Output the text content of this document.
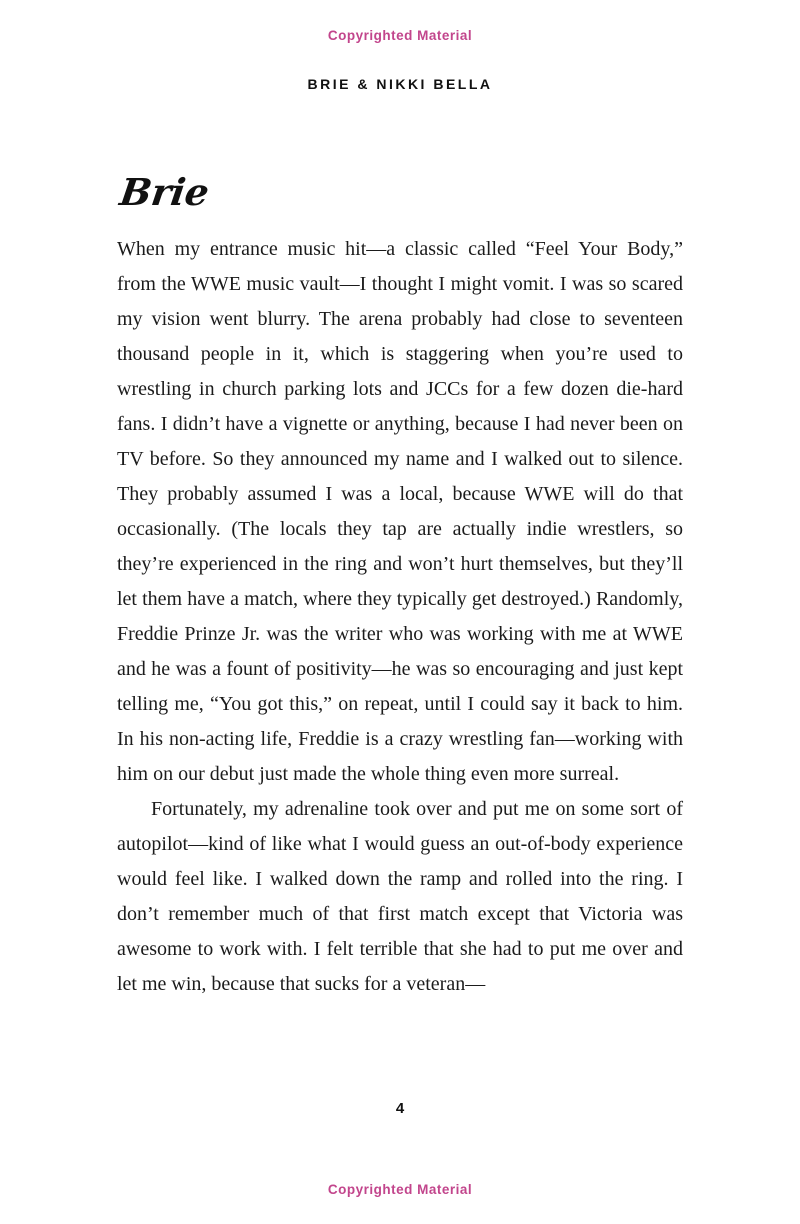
Copyrighted Material
BRIE & NIKKI BELLA
Brie

When my entrance music hit—a classic called “Feel Your Body,” from the WWE music vault—I thought I might vomit. I was so scared my vision went blurry. The arena probably had close to seventeen thousand people in it, which is staggering when you’re used to wrestling in church parking lots and JCCs for a few dozen die-hard fans. I didn’t have a vignette or anything, because I had never been on TV before. So they announced my name and I walked out to silence. They probably assumed I was a local, because WWE will do that occasionally. (The locals they tap are actually indie wrestlers, so they’re experienced in the ring and won’t hurt themselves, but they’ll let them have a match, where they typically get destroyed.) Randomly, Freddie Prinze Jr. was the writer who was working with me at WWE and he was a fount of positivity—he was so encouraging and just kept telling me, “You got this,” on repeat, until I could say it back to him. In his non-acting life, Freddie is a crazy wrestling fan—working with him on our debut just made the whole thing even more surreal.

Fortunately, my adrenaline took over and put me on some sort of autopilot—kind of like what I would guess an out-of-body experience would feel like. I walked down the ramp and rolled into the ring. I don’t remember much of that first match except that Victoria was awesome to work with. I felt terrible that she had to put me over and let me win, because that sucks for a veteran—

4
Copyrighted Material
